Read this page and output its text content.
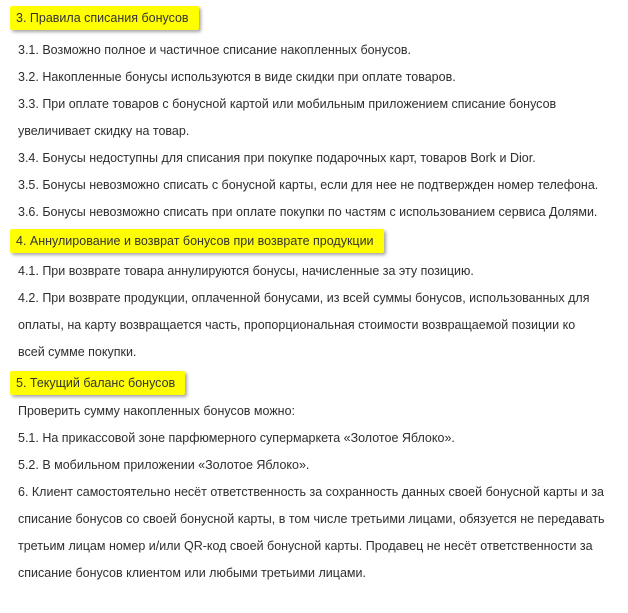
3. Правила списания бонусов

3.1. Возможно полное и частичное списание накопленных бонусов.

3.2. Накопленные бонусы используются в виде скидки при оплате товаров.

3.3. При оплате товаров с бонусной картой или мобильным приложением списание бонусов увеличивает скидку на товар.

3.4. Бонусы недоступны для списания при покупке подарочных карт, товаров Bork и Dior.

3.5. Бонусы невозможно списать с бонусной карты, если для нее не подтвержден номер телефона.

3.6. Бонусы невозможно списать при оплате покупки по частям с использованием сервиса Долями.

4. Аннулирование и возврат бонусов при возврате продукции

4.1. При возврате товара аннулируются бонусы, начисленные за эту позицию.

4.2. При возврате продукции, оплаченной бонусами, из всей суммы бонусов, использованных для оплаты, на карту возвращается часть, пропорциональная стоимости возвращаемой позиции ко всей сумме покупки.

5. Текущий баланс бонусов

Проверить сумму накопленных бонусов можно:

5.1. На прикассовой зоне парфюмерного супермаркета «Золотое Яблоко».

5.2. В мобильном приложении «Золотое Яблоко».

6. Клиент самостоятельно несёт ответственность за сохранность данных своей бонусной карты и за списание бонусов со своей бонусной карты, в том числе третьими лицами, обязуется не передавать третьим лицам номер и/или QR-код своей бонусной карты. Продавец не несёт ответственности за списание бонусов клиентом или любыми третьими лицами.
